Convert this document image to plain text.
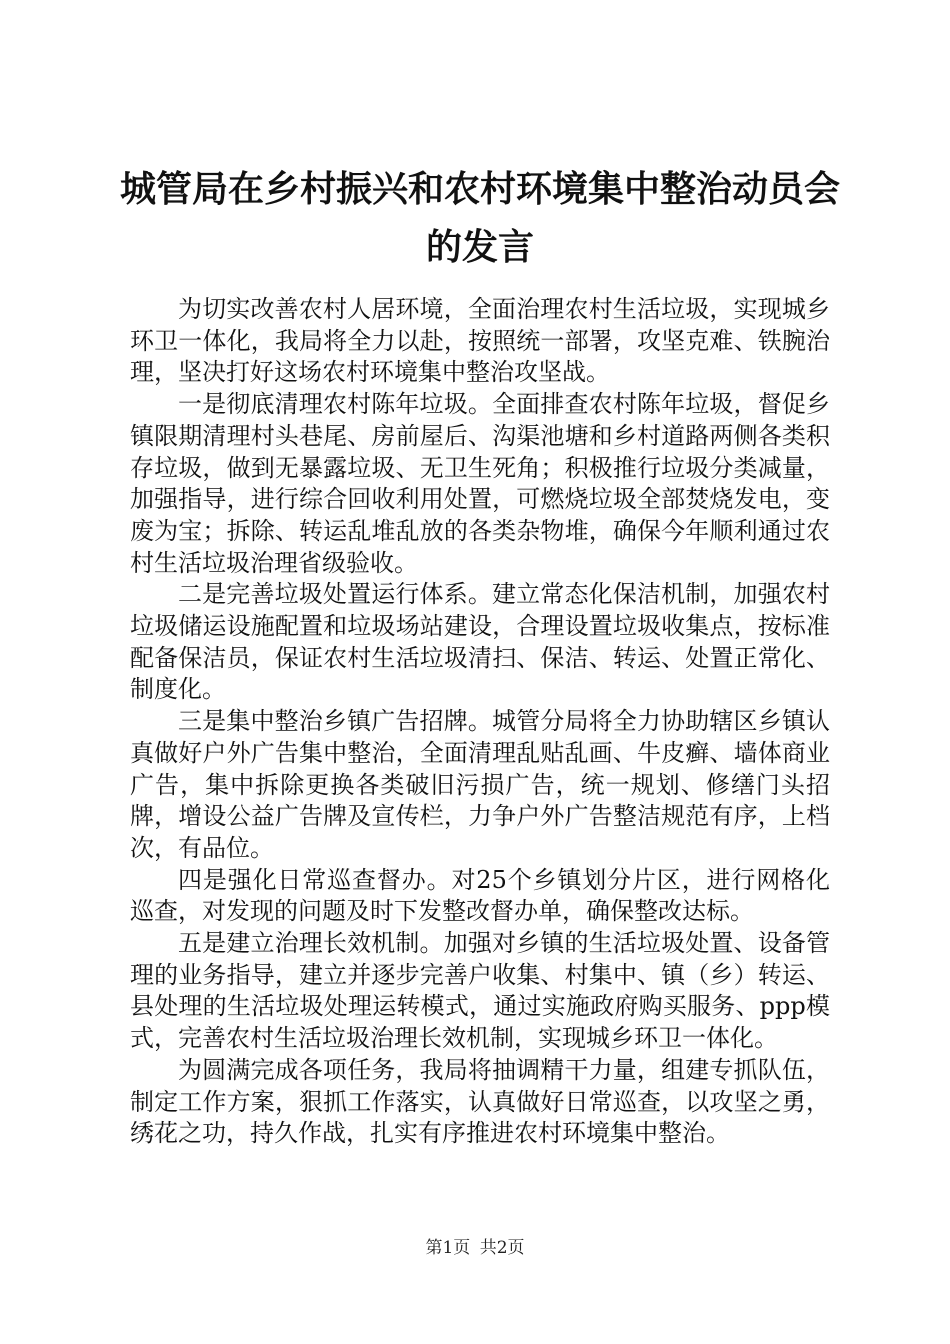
城管局在乡村振兴和农村环境集中整治动员会的发言

为切实改善农村人居环境，全面治理农村生活垃圾，实现城乡环卫一体化，我局将全力以赴，按照统一部署，攻坚克难、铁腕治理，坚决打好这场农村环境集中整治攻坚战。

一是彻底清理农村陈年垃圾。全面排查农村陈年垃圾，督促乡镇限期清理村头巷尾、房前屋后、沟渠池塘和乡村道路两侧各类积存垃圾，做到无暴露垃圾、无卫生死角；积极推行垃圾分类减量，加强指导，进行综合回收利用处置，可燃烧垃圾全部焚烧发电，变废为宝；拆除、转运乱堆乱放的各类杂物堆，确保今年顺利通过农村生活垃圾治理省级验收。

二是完善垃圾处置运行体系。建立常态化保洁机制，加强农村垃圾储运设施配置和垃圾场站建设，合理设置垃圾收集点，按标准配备保洁员，保证农村生活垃圾清扫、保洁、转运、处置正常化、制度化。

三是集中整治乡镇广告招牌。城管分局将全力协助辖区乡镇认真做好户外广告集中整治，全面清理乱贴乱画、牛皮癣、墙体商业广告，集中拆除更换各类破旧污损广告，统一规划、修缮门头招牌，增设公益广告牌及宣传栏，力争户外广告整洁规范有序，上档次，有品位。

四是强化日常巡查督办。对25个乡镇划分片区，进行网格化巡查，对发现的问题及时下发整改督办单，确保整改达标。

五是建立治理长效机制。加强对乡镇的生活垃圾处置、设备管理的业务指导，建立并逐步完善户收集、村集中、镇（乡）转运、县处理的生活垃圾处理运转模式，通过实施政府购买服务、ppp模式，完善农村生活垃圾治理长效机制，实现城乡环卫一体化。

为圆满完成各项任务，我局将抽调精干力量，组建专抓队伍，制定工作方案，狠抓工作落实，认真做好日常巡查，以攻坚之勇，绣花之功，持久作战，扎实有序推进农村环境集中整治。

第1页 共2页
